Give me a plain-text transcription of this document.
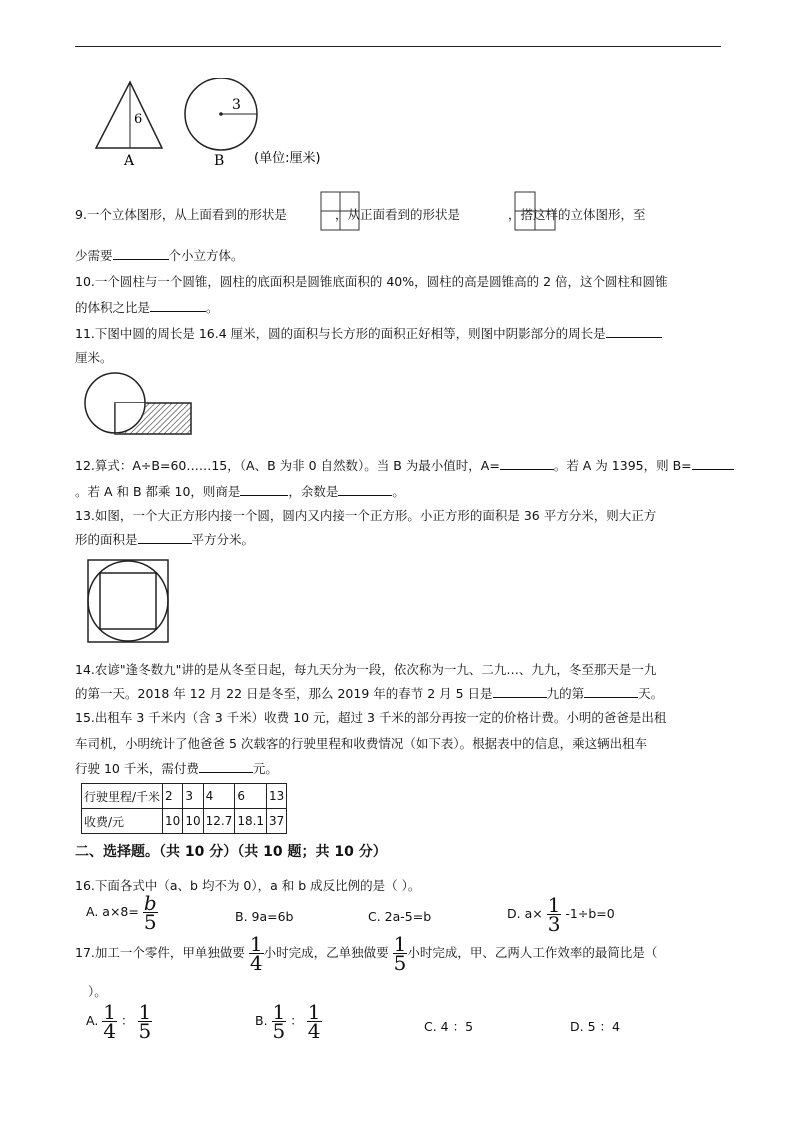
6
A
3
B (单位:厘米)
9.一个立体图形，从上面看到的形状是	，从正面看到的形状是	，搭这样的立体图形，至
少需要	个小立方体。
10.一个圆柱与一个圆锥，圆柱的底面积是圆锥底面积的 40%，圆柱的高是圆锥高的 2 倍，这个圆柱和圆锥
的体积之比是	。
11.下图中圆的周长是 16.4 厘米，圆的面积与长方形的面积正好相等，则图中阴影部分的周长是
厘米。
12.算式：A÷B=60……15，（A、B 为非 0 自然数）。当 B 为最小值时，A=	。若 A 为 1395，则 B=
。若 A 和 B 都乘 10，则商是	，余数是	。
13.如图，一个大正方形内接一个圆，圆内又内接一个正方形。小正方形的面积是 36 平方分米，则大正方
形的面积是	平方分米。
14.农谚"逢冬数九"讲的是从冬至日起，每九天分为一段，依次称为一九、二九…、九九，冬至那天是一九
的第一天。2018 年 12 月 22 日是冬至，那么 2019 年的春节 2 月 5 日是	九的第	天。
15.出租车 3 千米内（含 3 千米）收费 10 元，超过 3 千米的部分再按一定的价格计费。小明的爸爸是出租
车司机，小明统计了他爸爸 5 次载客的行驶里程和收费情况（如下表）。根据表中的信息，乘这辆出租车
行驶 10 千米，需付费	元。
行驶里程/千米	2	3	4	6	13
收费/元	10	10	12.7	18.1	37
二、选择题。（共 10 分）（共 10 题；共 10 分）
16.下面各式中（a、b 均不为 0），a 和 b 成反比例的是（ ）。
A. $a\times 8= \frac{b}{5}$	B. 9a=6b	C. 2a-5=b	D. $a\times \frac{1}{3} -1\div b=0$
17.加工一个零件，甲单独做要 $\frac{1}{4}$ 小时完成，乙单独做要 $\frac{1}{5}$ 小时完成，甲、乙两人工作效率的最简比是（
）。
A. $\frac{1}{4}$ ： $\frac{1}{5}$	B. $\frac{1}{5}$ ： $\frac{1}{4}$	C. 4 ：5	D. 5 ：4
